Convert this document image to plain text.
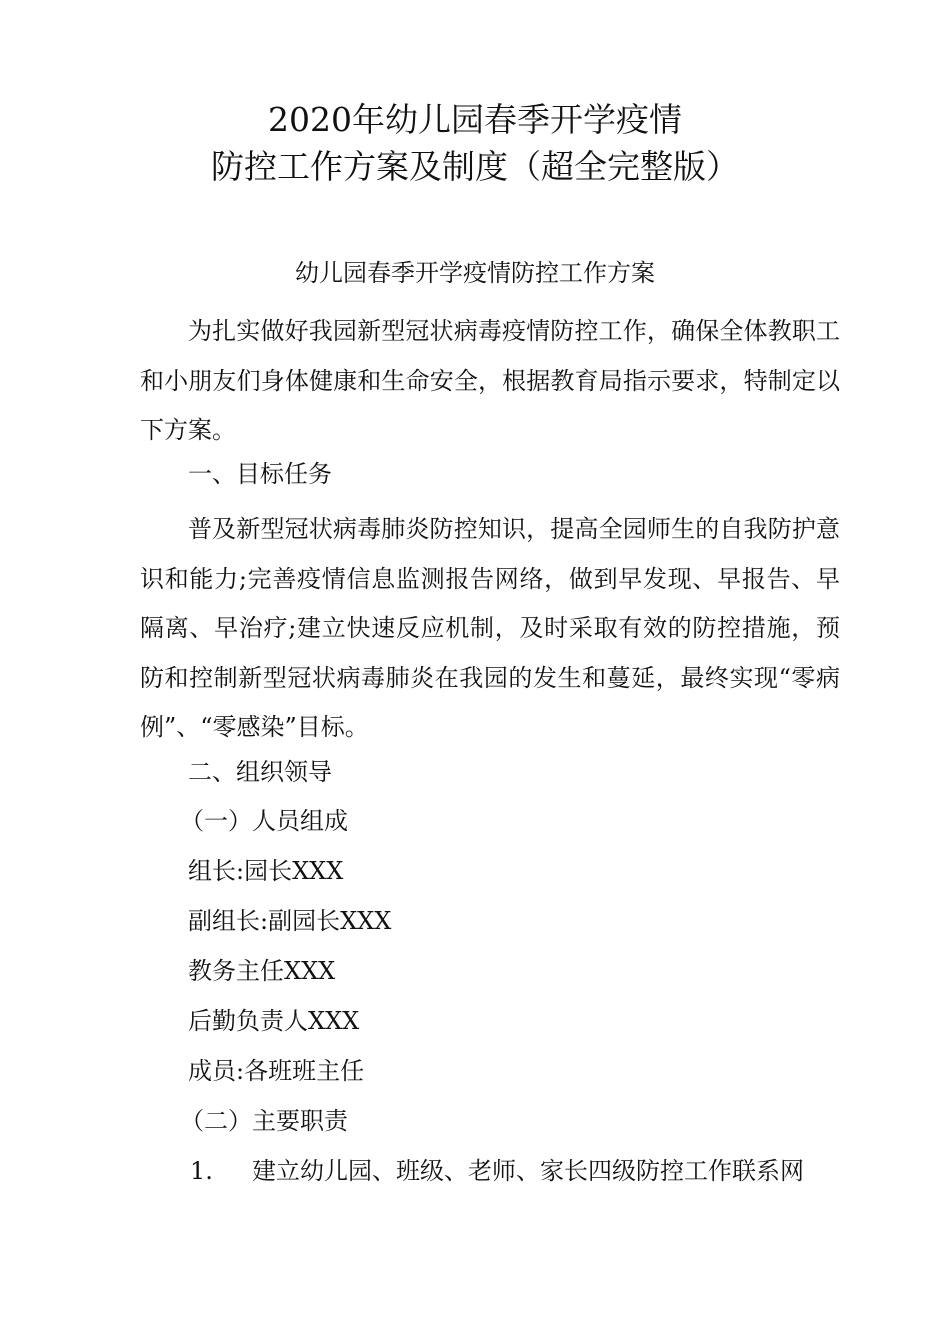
2020年幼儿园春季开学疫情
防控工作方案及制度（超全完整版）
幼儿园春季开学疫情防控工作方案
为扎实做好我园新型冠状病毒疫情防控工作，确保全体教职工和小朋友们身体健康和生命安全，根据教育局指示要求，特制定以下方案。
一、目标任务
普及新型冠状病毒肺炎防控知识，提高全园师生的自我防护意识和能力;完善疫情信息监测报告网络，做到早发现、早报告、早隔离、早治疗;建立快速反应机制，及时采取有效的防控措施，预防和控制新型冠状病毒肺炎在我园的发生和蔓延，最终实现“零病例”、“零感染”目标。
二、组织领导
（一）人员组成
组长:园长XXX
副组长:副园长XXX
教务主任XXX
后勤负责人XXX
成员:各班班主任
（二）主要职责
1. 建立幼儿园、班级、老师、家长四级防控工作联系网
